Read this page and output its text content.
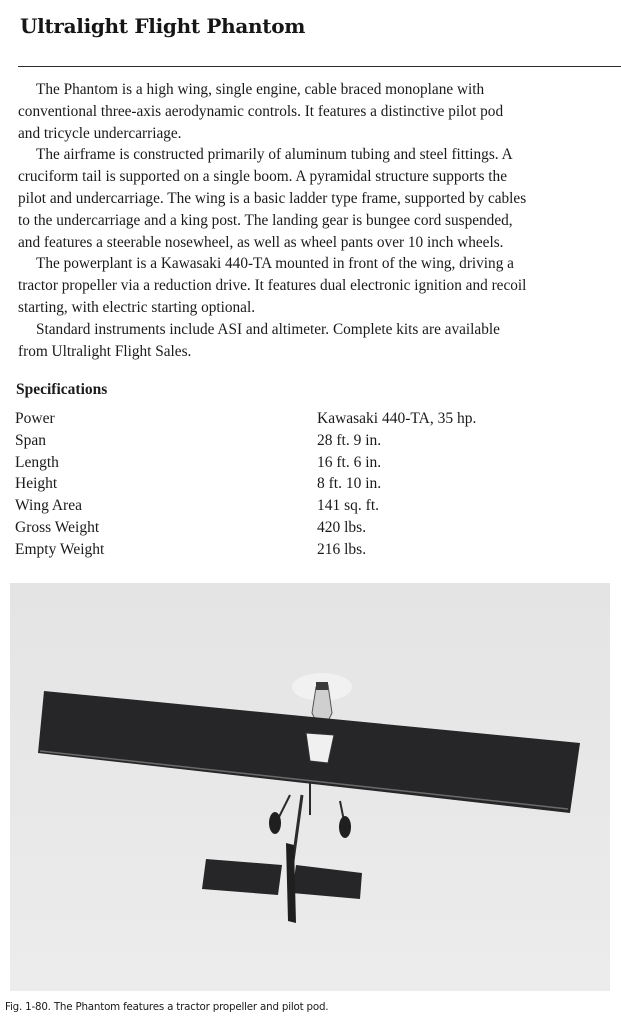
Ultralight Flight Phantom
The Phantom is a high wing, single engine, cable braced monoplane with
conventional three-axis aerodynamic controls. It features a distinctive pilot pod
and tricycle undercarriage.
The airframe is constructed primarily of aluminum tubing and steel fittings. A
cruciform tail is supported on a single boom. A pyramidal structure supports the
pilot and undercarriage. The wing is a basic ladder type frame, supported by cables
to the undercarriage and a king post. The landing gear is bungee cord suspended,
and features a steerable nosewheel, as well as wheel pants over 10 inch wheels.
The powerplant is a Kawasaki 440-TA mounted in front of the wing, driving a
tractor propeller via a reduction drive. It features dual electronic ignition and recoil
starting, with electric starting optional.
Standard instruments include ASI and altimeter. Complete kits are available
from Ultralight Flight Sales.
Specifications
Power	Kawasaki 440-TA, 35 hp.
Span	28 ft. 9 in.
Length	16 ft. 6 in.
Height	8 ft. 10 in.
Wing Area	141 sq. ft.
Gross Weight	420 lbs.
Empty Weight	216 lbs.
Fig. 1-80. The Phantom features a tractor propeller and pilot pod.
